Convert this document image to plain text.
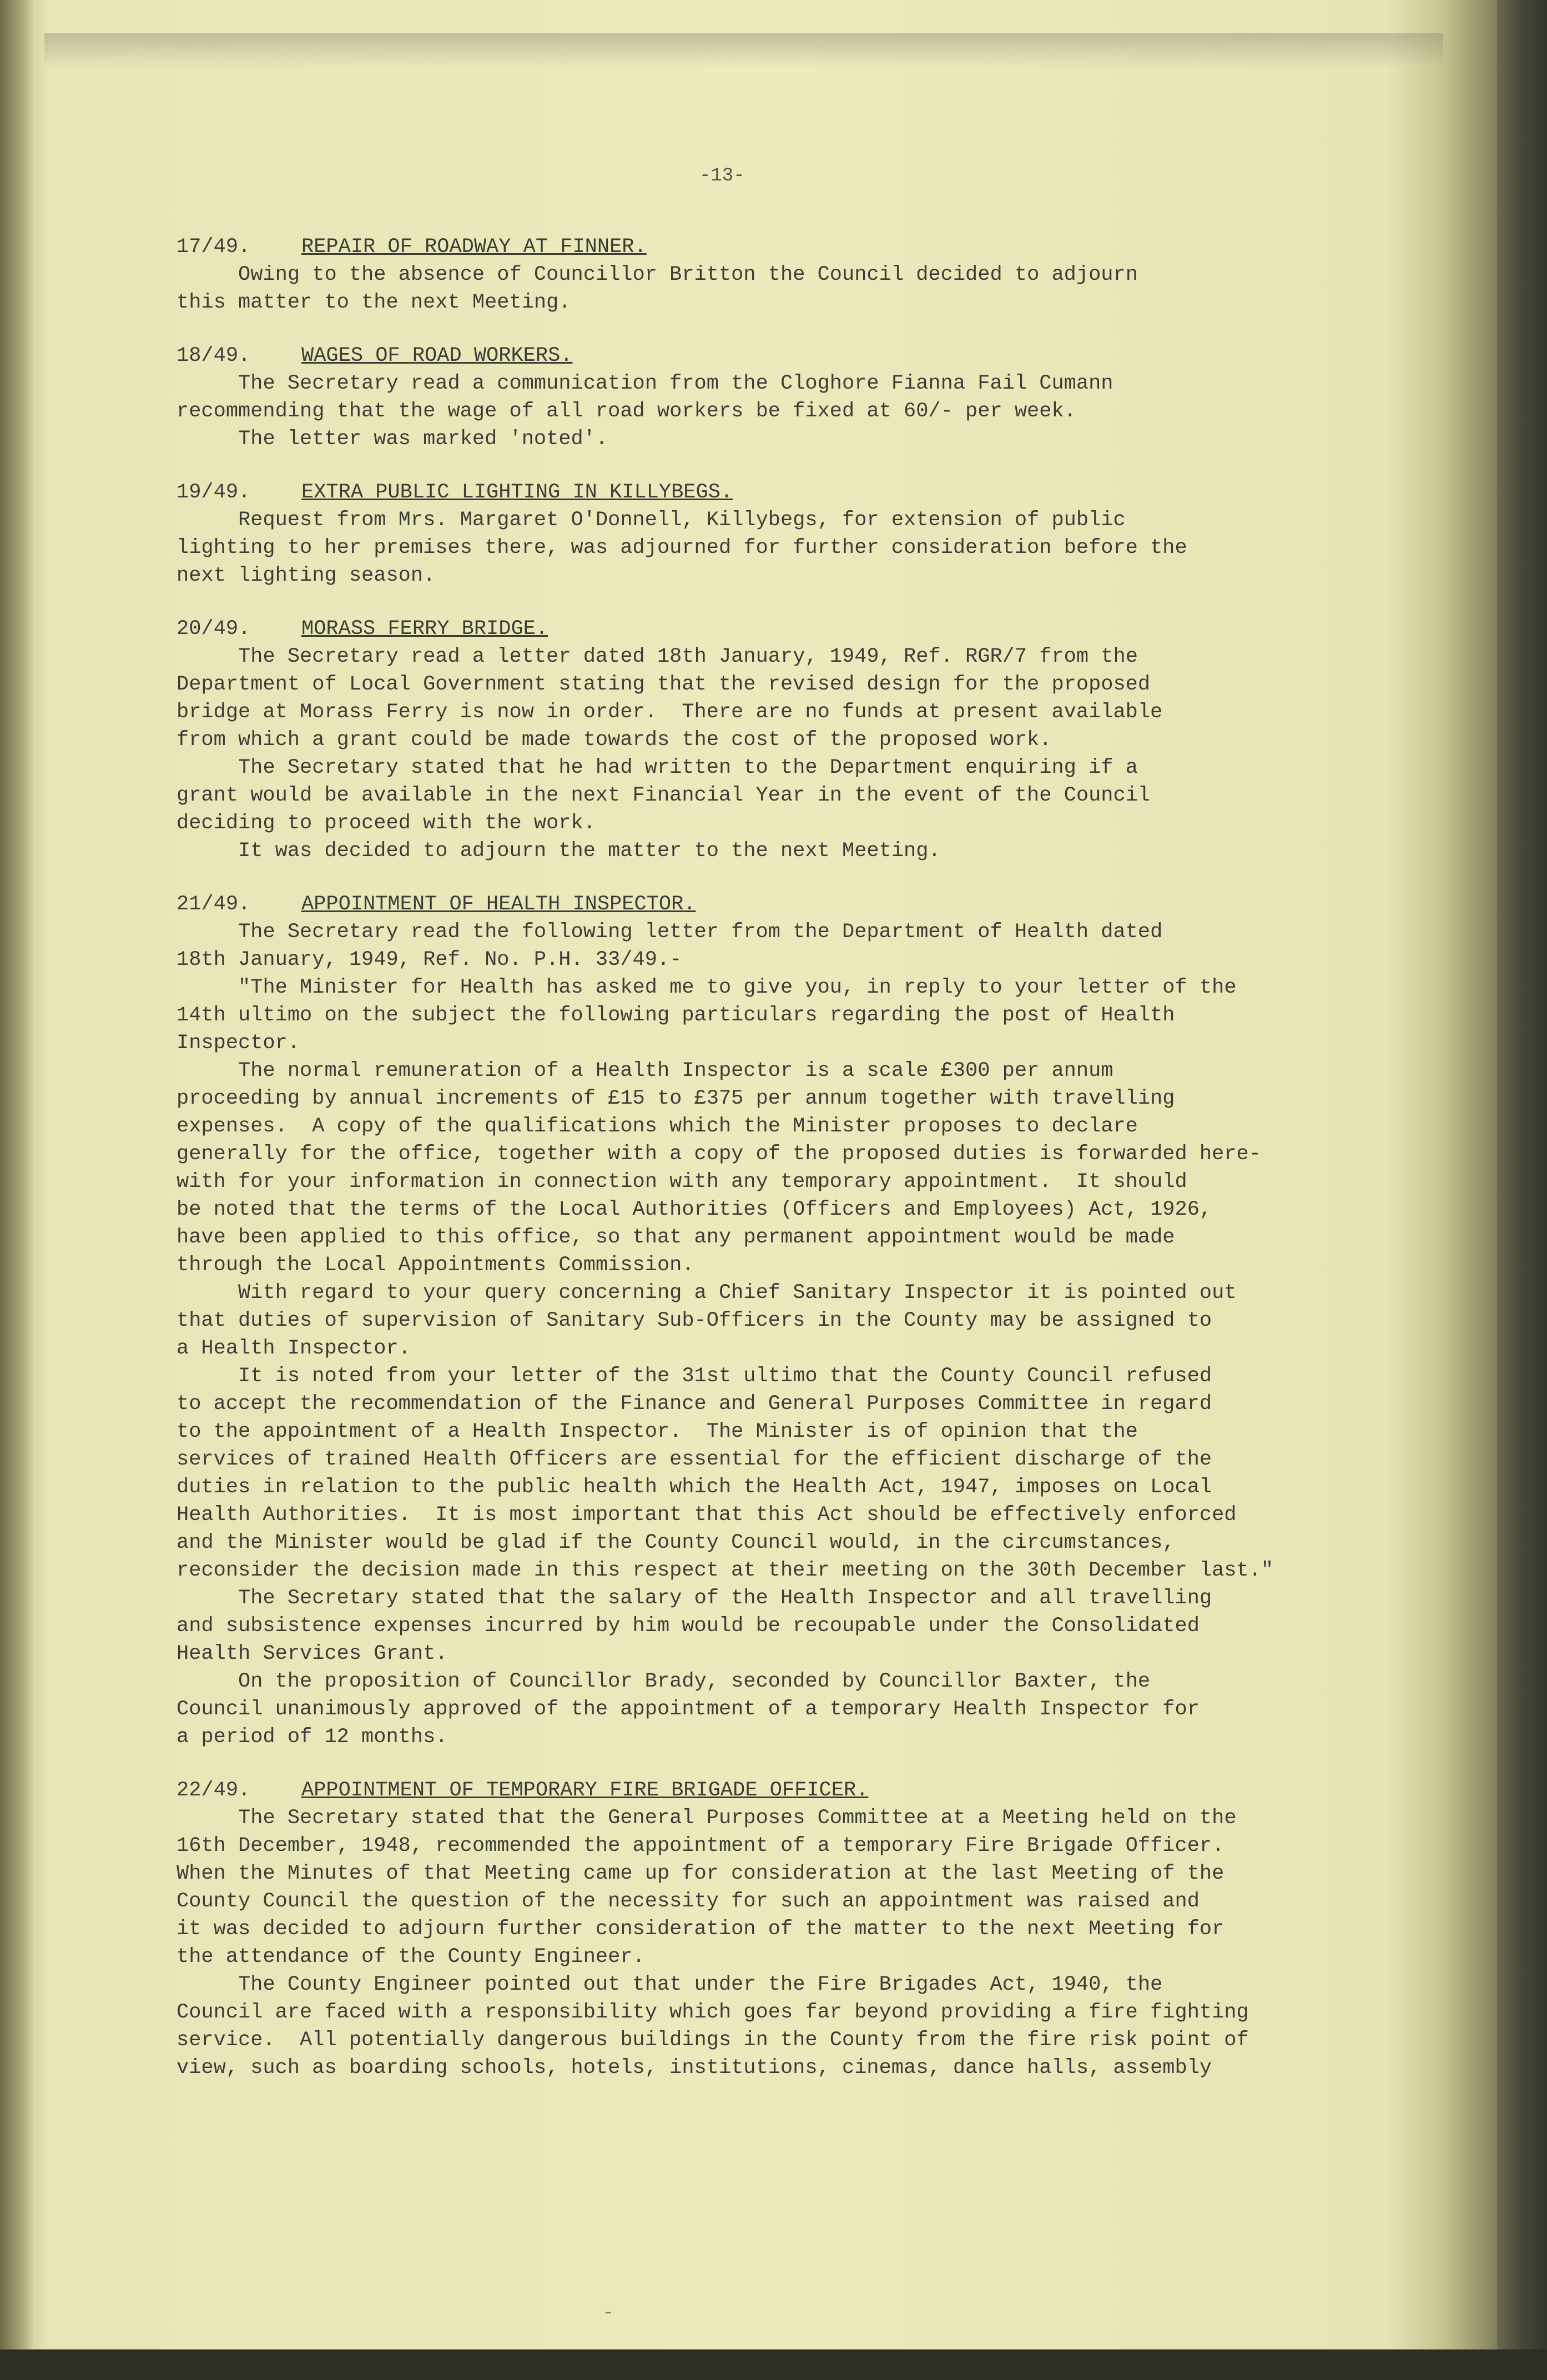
-13-
17/49. REPAIR OF ROADWAY AT FINNER.

Owing to the absence of Councillor Britton the Council decided to adjourn
this matter to the next Meeting.

18/49. WAGES OF ROAD WORKERS.

The Secretary read a communication from the Cloghore Fianna Fail Cumann
recommending that the wage of all road workers be fixed at 60/- per week.

The letter was marked 'noted'.

19/49. EXTRA PUBLIC LIGHTING IN KILLYBEGS.

Request from Mrs. Margaret O'Donnell, Killybegs, for extension of public
lighting to her premises there, was adjourned for further consideration before the
next lighting season.

20/49. MORASS FERRY BRIDGE.

The Secretary read a letter dated 18th January, 1949, Ref. RGR/7 from the
Department of Local Government stating that the revised design for the proposed
bridge at Morass Ferry is now in order.  There are no funds at present available
from which a grant could be made towards the cost of the proposed work.

The Secretary stated that he had written to the Department enquiring if a
grant would be available in the next Financial Year in the event of the Council
deciding to proceed with the work.

It was decided to adjourn the matter to the next Meeting.

21/49. APPOINTMENT OF HEALTH INSPECTOR.

The Secretary read the following letter from the Department of Health dated
18th January, 1949, Ref. No. P.H. 33/49.-

"The Minister for Health has asked me to give you, in reply to your letter of the
14th ultimo on the subject the following particulars regarding the post of Health
Inspector.

The normal remuneration of a Health Inspector is a scale £300 per annum
proceeding by annual increments of £15 to £375 per annum together with travelling
expenses.  A copy of the qualifications which the Minister proposes to declare
generally for the office, together with a copy of the proposed duties is forwarded here-
with for your information in connection with any temporary appointment.  It should
be noted that the terms of the Local Authorities (Officers and Employees) Act, 1926,
have been applied to this office, so that any permanent appointment would be made
through the Local Appointments Commission.

With regard to your query concerning a Chief Sanitary Inspector it is pointed out
that duties of supervision of Sanitary Sub-Officers in the County may be assigned to
a Health Inspector.

It is noted from your letter of the 31st ultimo that the County Council refused
to accept the recommendation of the Finance and General Purposes Committee in regard
to the appointment of a Health Inspector.  The Minister is of opinion that the
services of trained Health Officers are essential for the efficient discharge of the
duties in relation to the public health which the Health Act, 1947, imposes on Local
Health Authorities.  It is most important that this Act should be effectively enforced
and the Minister would be glad if the County Council would, in the circumstances,
reconsider the decision made in this respect at their meeting on the 30th December last."

The Secretary stated that the salary of the Health Inspector and all travelling
and subsistence expenses incurred by him would be recoupable under the Consolidated
Health Services Grant.

On the proposition of Councillor Brady, seconded by Councillor Baxter, the
Council unanimously approved of the appointment of a temporary Health Inspector for
a period of 12 months.

22/49. APPOINTMENT OF TEMPORARY FIRE BRIGADE OFFICER.

The Secretary stated that the General Purposes Committee at a Meeting held on the
16th December, 1948, recommended the appointment of a temporary Fire Brigade Officer.
When the Minutes of that Meeting came up for consideration at the last Meeting of the
County Council the question of the necessity for such an appointment was raised and
it was decided to adjourn further consideration of the matter to the next Meeting for
the attendance of the County Engineer.

The County Engineer pointed out that under the Fire Brigades Act, 1940, the
Council are faced with a responsibility which goes far beyond providing a fire fighting
service.  All potentially dangerous buildings in the County from the fire risk point of
view, such as boarding schools, hotels, institutions, cinemas, dance halls, assembly

-
